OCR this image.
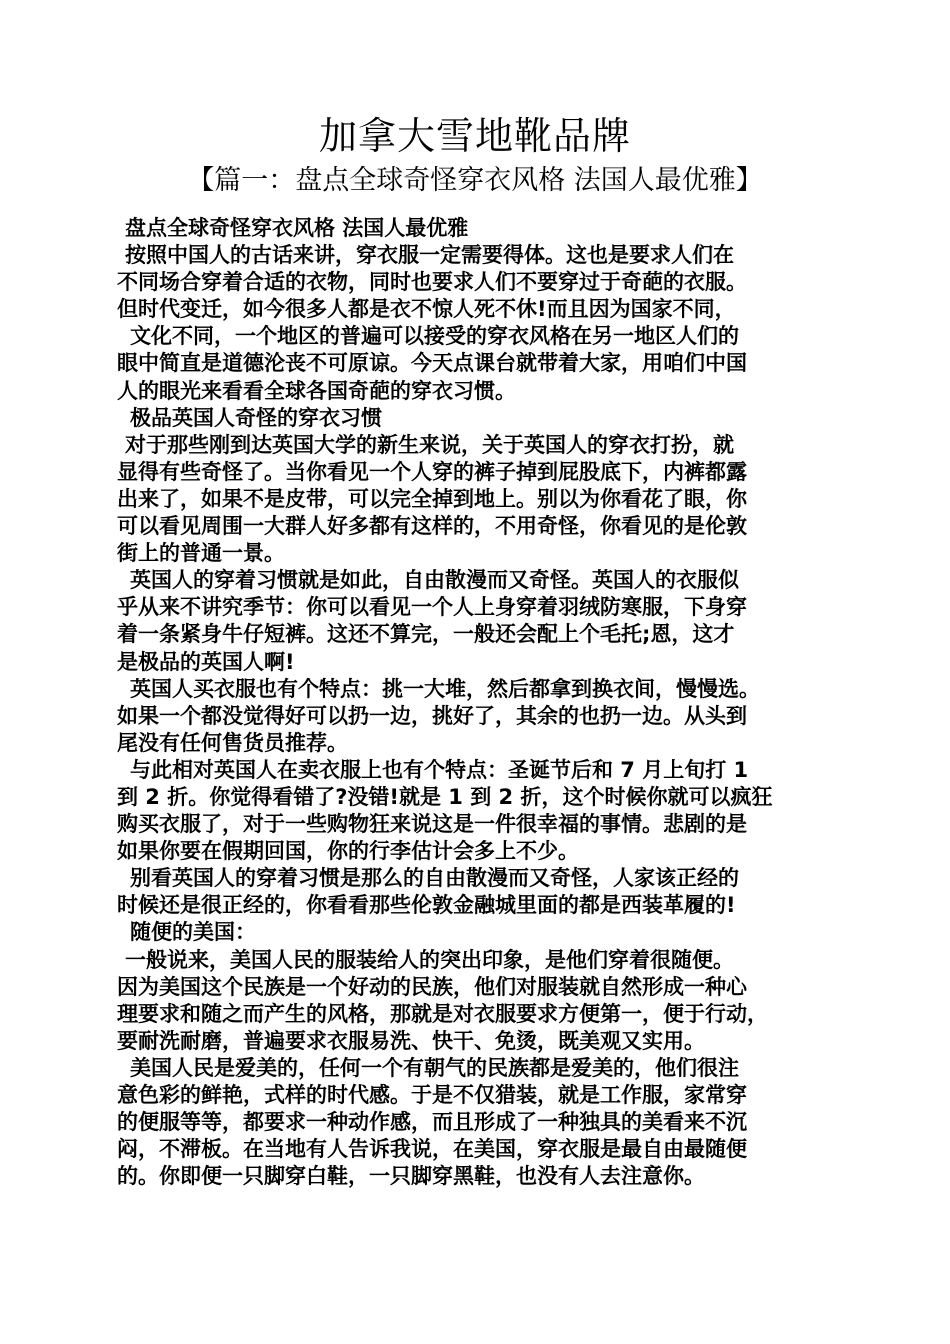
加拿大雪地靴品牌
【篇一：盘点全球奇怪穿衣风格 法国人最优雅】
盘点全球奇怪穿衣风格 法国人最优雅
按照中国人的古话来讲，穿衣服一定需要得体。这也是要求人们在
不同场合穿着合适的衣物，同时也要求人们不要穿过于奇葩的衣服。
但时代变迁，如今很多人都是衣不惊人死不休!而且因为国家不同，
文化不同，一个地区的普遍可以接受的穿衣风格在另一地区人们的
眼中简直是道德沦丧不可原谅。今天点课台就带着大家，用咱们中国
人的眼光来看看全球各国奇葩的穿衣习惯。
极品英国人奇怪的穿衣习惯
对于那些刚到达英国大学的新生来说，关于英国人的穿衣打扮，就
显得有些奇怪了。当你看见一个人穿的裤子掉到屁股底下，内裤都露
出来了，如果不是皮带，可以完全掉到地上。别以为你看花了眼，你
可以看见周围一大群人好多都有这样的，不用奇怪，你看见的是伦敦
街上的普通一景。
英国人的穿着习惯就是如此，自由散漫而又奇怪。英国人的衣服似
乎从来不讲究季节：你可以看见一个人上身穿着羽绒防寒服，下身穿
着一条紧身牛仔短裤。这还不算完，一般还会配上个毛托;恩，这才
是极品的英国人啊!
英国人买衣服也有个特点：挑一大堆，然后都拿到换衣间，慢慢选。
如果一个都没觉得好可以扔一边，挑好了，其余的也扔一边。从头到
尾没有任何售货员推荐。
与此相对英国人在卖衣服上也有个特点：圣诞节后和 7 月上旬打 1
到 2 折。你觉得看错了?没错!就是 1 到 2 折，这个时候你就可以疯狂
购买衣服了，对于一些购物狂来说这是一件很幸福的事情。悲剧的是
如果你要在假期回国，你的行李估计会多上不少。
别看英国人的穿着习惯是那么的自由散漫而又奇怪，人家该正经的
时候还是很正经的，你看看那些伦敦金融城里面的都是西装革履的!
随便的美国：
一般说来，美国人民的服装给人的突出印象，是他们穿着很随便。
因为美国这个民族是一个好动的民族，他们对服装就自然形成一种心
理要求和随之而产生的风格，那就是对衣服要求方便第一，便于行动，
要耐洗耐磨，普遍要求衣服易洗、快干、免烫，既美观又实用。
美国人民是爱美的，任何一个有朝气的民族都是爱美的，他们很注
意色彩的鲜艳，式样的时代感。于是不仅猎装，就是工作服，家常穿
的便服等等，都要求一种动作感，而且形成了一种独具的美看来不沉
闷，不滞板。在当地有人告诉我说，在美国，穿衣服是最自由最随便
的。你即便一只脚穿白鞋，一只脚穿黑鞋，也没有人去注意你。
